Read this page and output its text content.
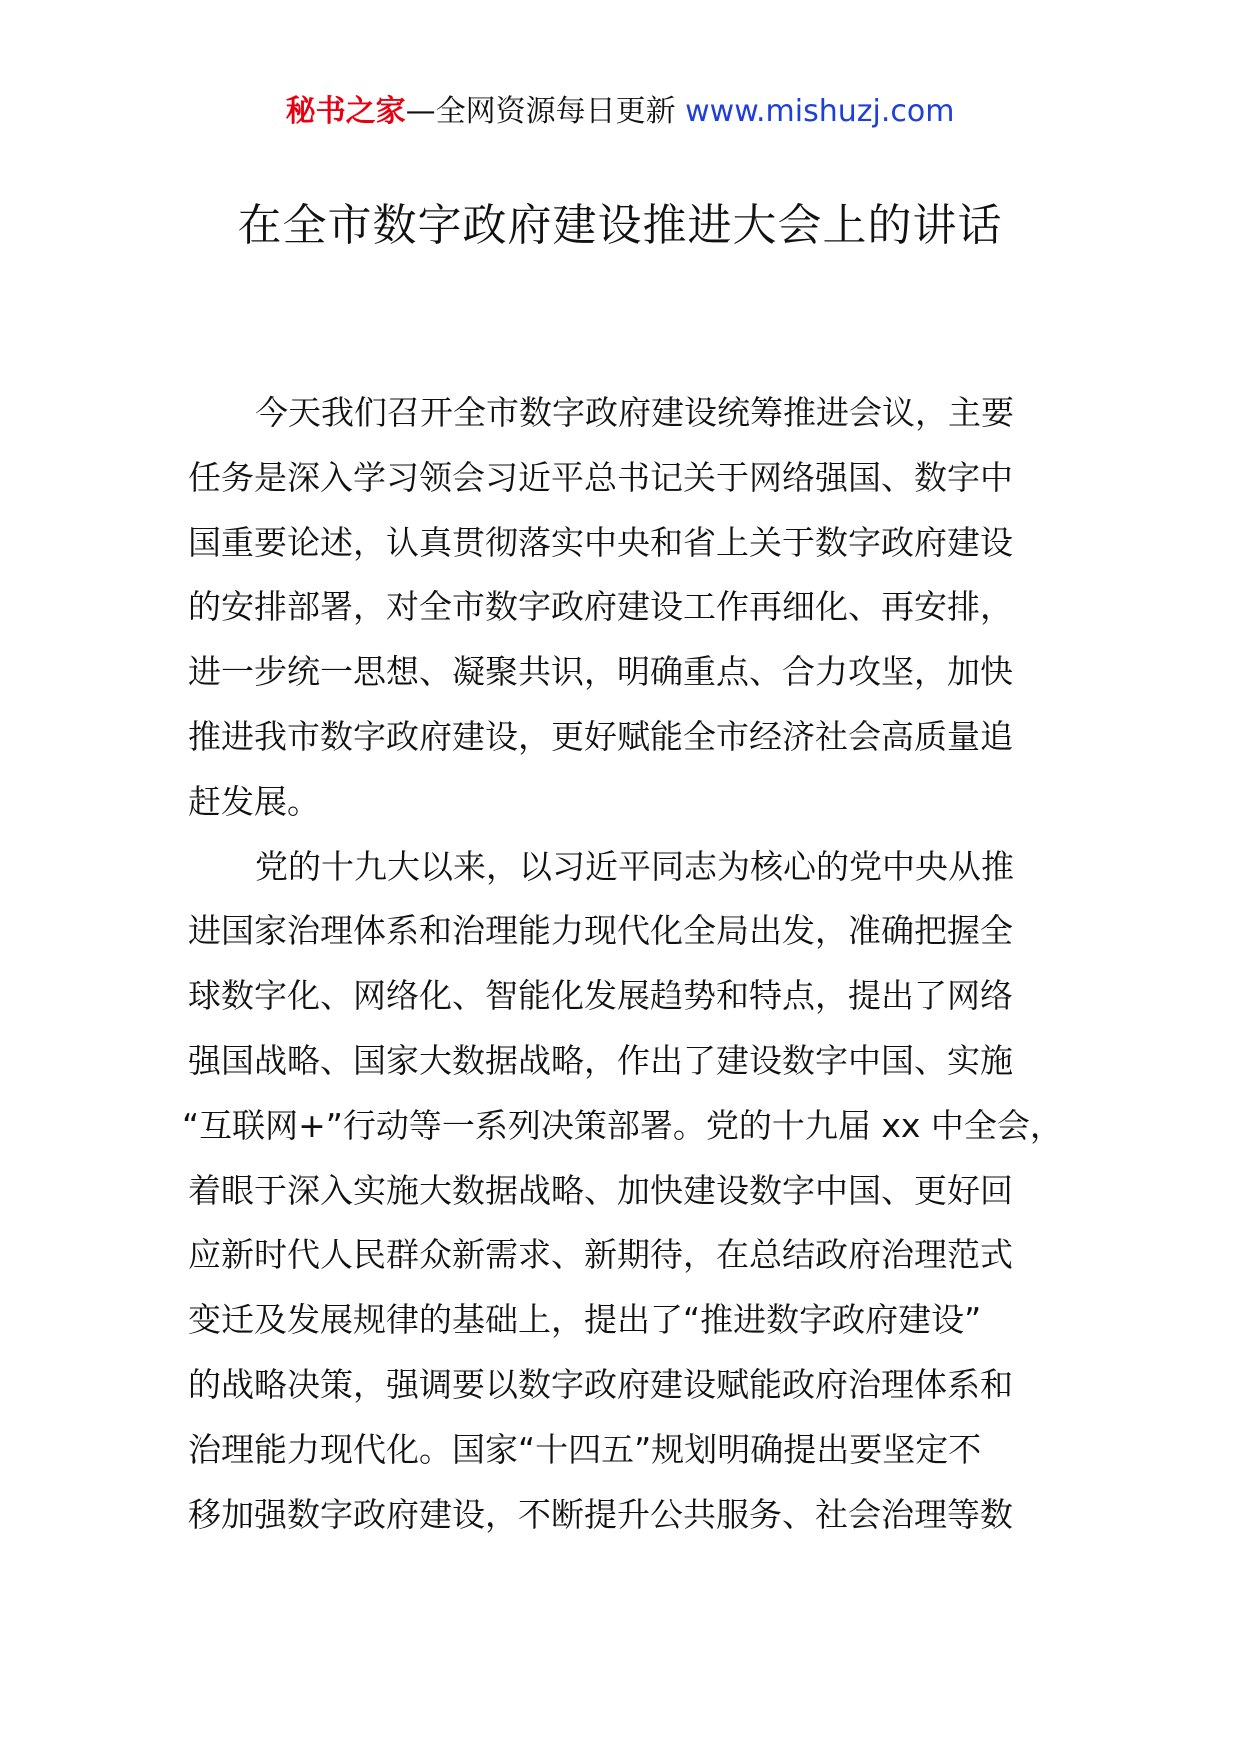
秘书之家—全网资源每日更新 www.mishuzj.com
在全市数字政府建设推进大会上的讲话
今天我们召开全市数字政府建设统筹推进会议，主要
任务是深入学习领会习近平总书记关于网络强国、数字中
国重要论述，认真贯彻落实中央和省上关于数字政府建设
的安排部署，对全市数字政府建设工作再细化、再安排，
进一步统一思想、凝聚共识，明确重点、合力攻坚，加快
推进我市数字政府建设，更好赋能全市经济社会高质量追
赶发展。
党的十九大以来，以习近平同志为核心的党中央从推
进国家治理体系和治理能力现代化全局出发，准确把握全
球数字化、网络化、智能化发展趋势和特点，提出了网络
强国战略、国家大数据战略，作出了建设数字中国、实施
“互联网+”行动等一系列决策部署。党的十九届 xx 中全会，
着眼于深入实施大数据战略、加快建设数字中国、更好回
应新时代人民群众新需求、新期待，在总结政府治理范式
变迁及发展规律的基础上，提出了“推进数字政府建设”
的战略决策，强调要以数字政府建设赋能政府治理体系和
治理能力现代化。国家“十四五”规划明确提出要坚定不
移加强数字政府建设，不断提升公共服务、社会治理等数
